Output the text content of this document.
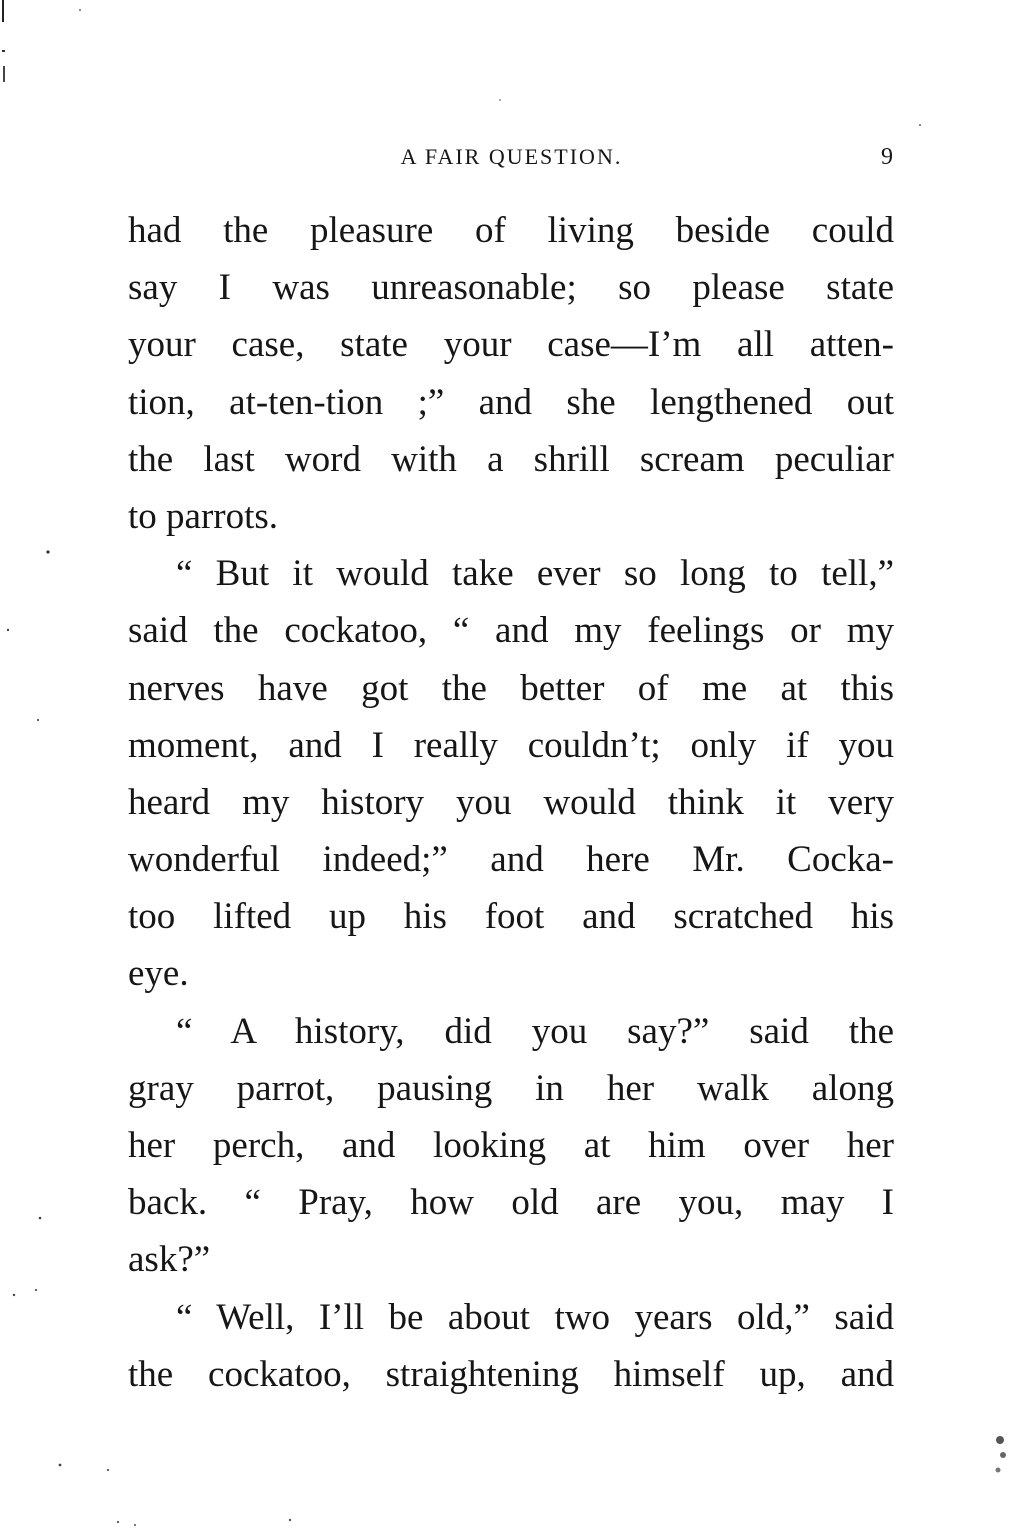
A FAIR QUESTION.	9
had the pleasure of living beside could
say I was unreasonable; so please state
your case, state your case—I’m all atten-
tion, at-ten-tion ;” and she lengthened out
the last word with a shrill scream peculiar
to parrots.
“ But it would take ever so long to tell,”
said the cockatoo, “ and my feelings or my
nerves have got the better of me at this
moment, and I really couldn’t; only if you
heard my history you would think it very
wonderful indeed;” and here Mr. Cocka-
too lifted up his foot and scratched his
eye.
“ A history, did you say?” said the
gray parrot, pausing in her walk along
her perch, and looking at him over her
back. “ Pray, how old are you, may I
ask?”
“ Well, I’ll be about two years old,” said
the cockatoo, straightening himself up, and
